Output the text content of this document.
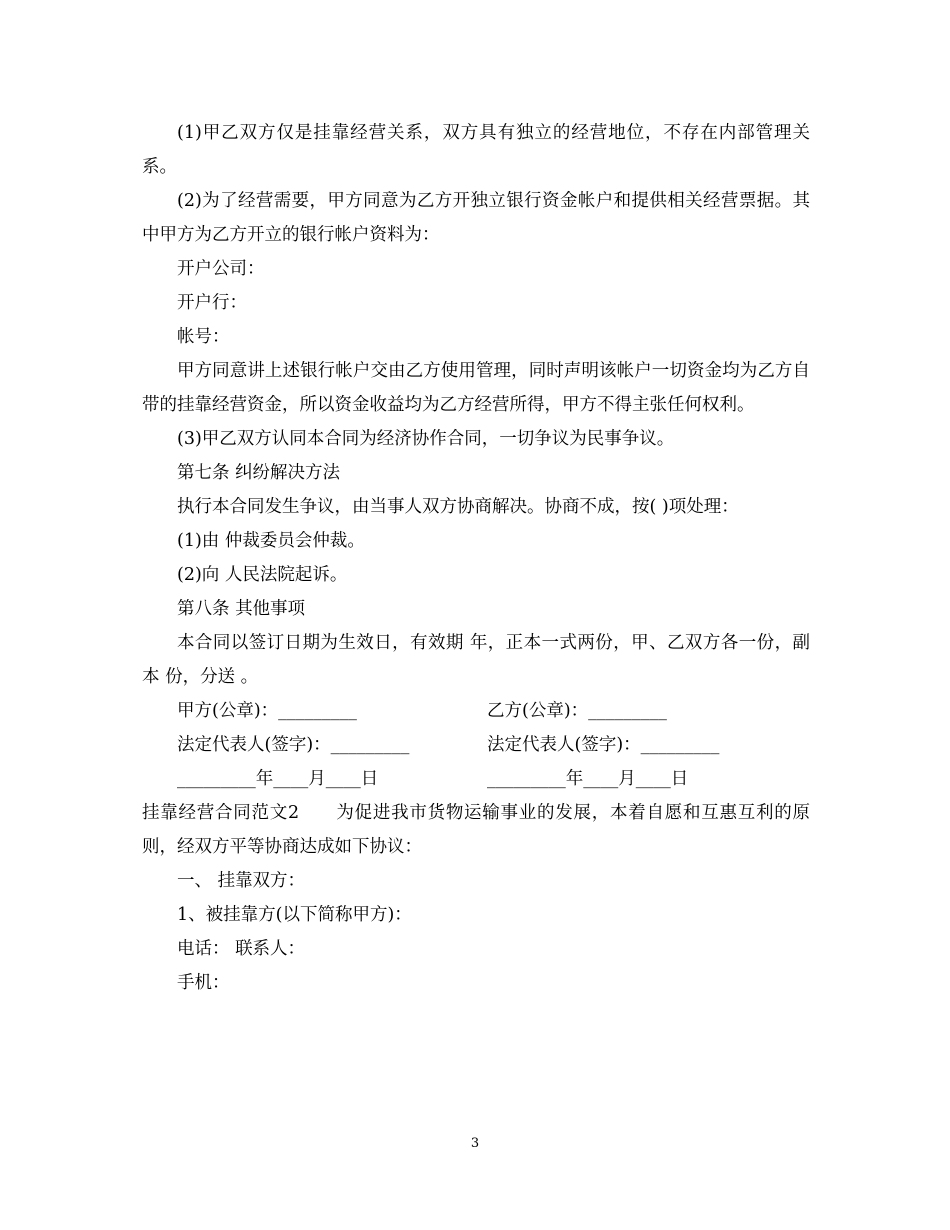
(1)甲乙双方仅是挂靠经营关系，双方具有独立的经营地位，不存在内部管理关系。

(2)为了经营需要，甲方同意为乙方开独立银行资金帐户和提供相关经营票据。其中甲方为乙方开立的银行帐户资料为：

开户公司：

开户行：

帐号：

甲方同意讲上述银行帐户交由乙方使用管理，同时声明该帐户一切资金均为乙方自带的挂靠经营资金，所以资金收益均为乙方经营所得，甲方不得主张任何权利。

(3)甲乙双方认同本合同为经济协作合同，一切争议为民事争议。

第七条 纠纷解决方法

执行本合同发生争议，由当事人双方协商解决。协商不成，按( )项处理：

(1)由 仲裁委员会仲裁。

(2)向 人民法院起诉。

第八条 其他事项

本合同以签订日期为生效日，有效期 年，正本一式两份，甲、乙双方各一份，副本 份，分送 。

甲方(公章)：_________	乙方(公章)：_________
法定代表人(签字)：_________	法定代表人(签字)：_________
_________年____月____日	_________年____月____日

挂靠经营合同范文2　　为促进我市货物运输事业的发展，本着自愿和互惠互利的原则，经双方平等协商达成如下协议：

一、 挂靠双方：

1、被挂靠方(以下简称甲方)：

电话： 联系人：

手机：

3
